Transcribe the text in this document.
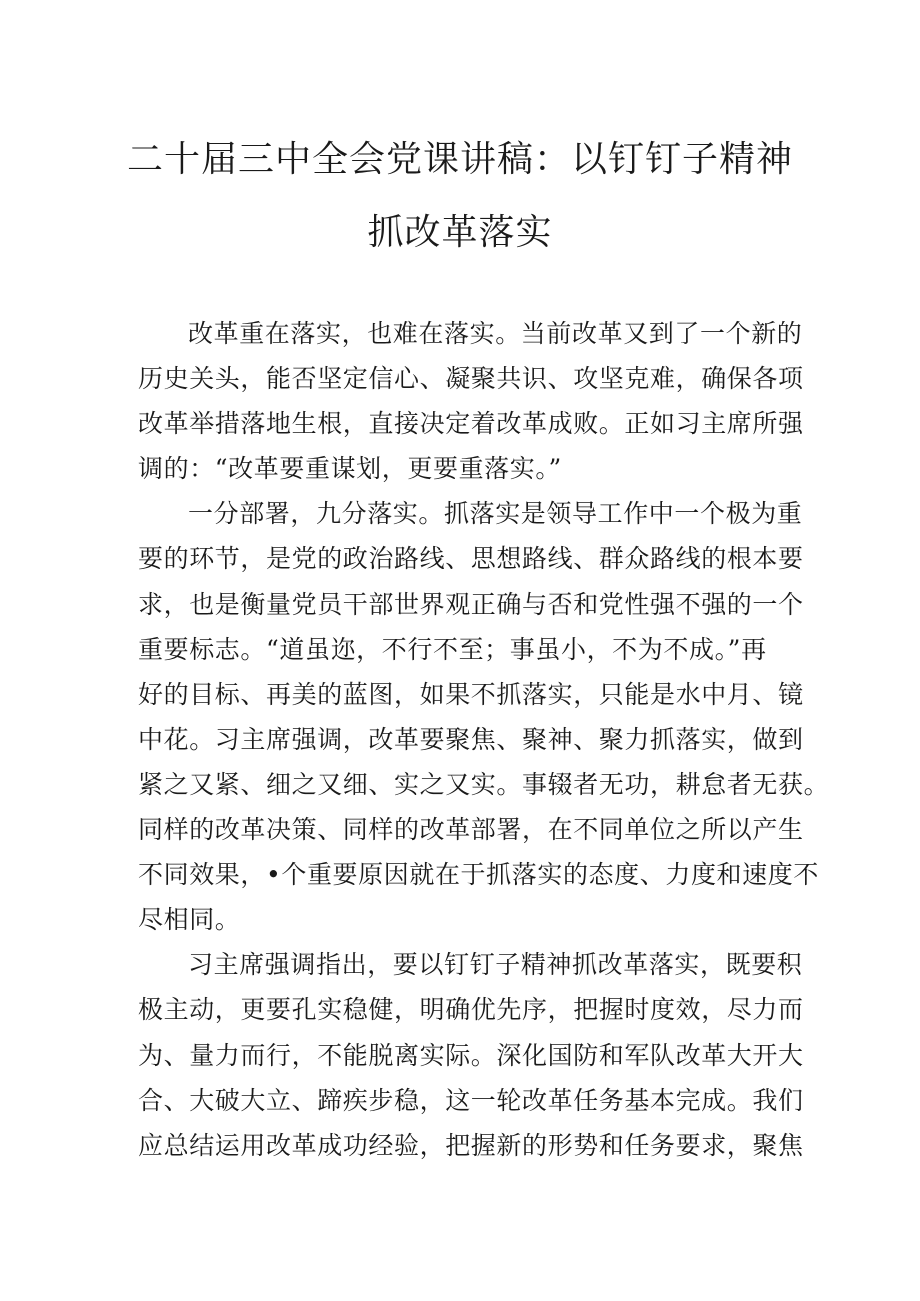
二十届三中全会党课讲稿：以钉钉子精神
抓改革落实
改革重在落实，也难在落实。当前改革又到了一个新的
历史关头，能否坚定信心、凝聚共识、攻坚克难，确保各项
改革举措落地生根，直接决定着改革成败。正如习主席所强
调的：“改革要重谋划，更要重落实。”
一分部署，九分落实。抓落实是领导工作中一个极为重
要的环节，是党的政治路线、思想路线、群众路线的根本要
求，也是衡量党员干部世界观正确与否和党性强不强的一个
重要标志。“道虽迩，不行不至；事虽小，不为不成。”再
好的目标、再美的蓝图，如果不抓落实，只能是水中月、镜
中花。习主席强调，改革要聚焦、聚神、聚力抓落实，做到
紧之又紧、细之又细、实之又实。事辍者无功，耕怠者无获。
同样的改革决策、同样的改革部署，在不同单位之所以产生
不同效果，•个重要原因就在于抓落实的态度、力度和速度不
尽相同。
习主席强调指出，要以钉钉子精神抓改革落实，既要积
极主动，更要孔实稳健，明确优先序，把握时度效，尽力而
为、量力而行，不能脱离实际。深化国防和军队改革大开大
合、大破大立、蹄疾步稳，这一轮改革任务基本完成。我们
应总结运用改革成功经验，把握新的形势和任务要求，聚焦
